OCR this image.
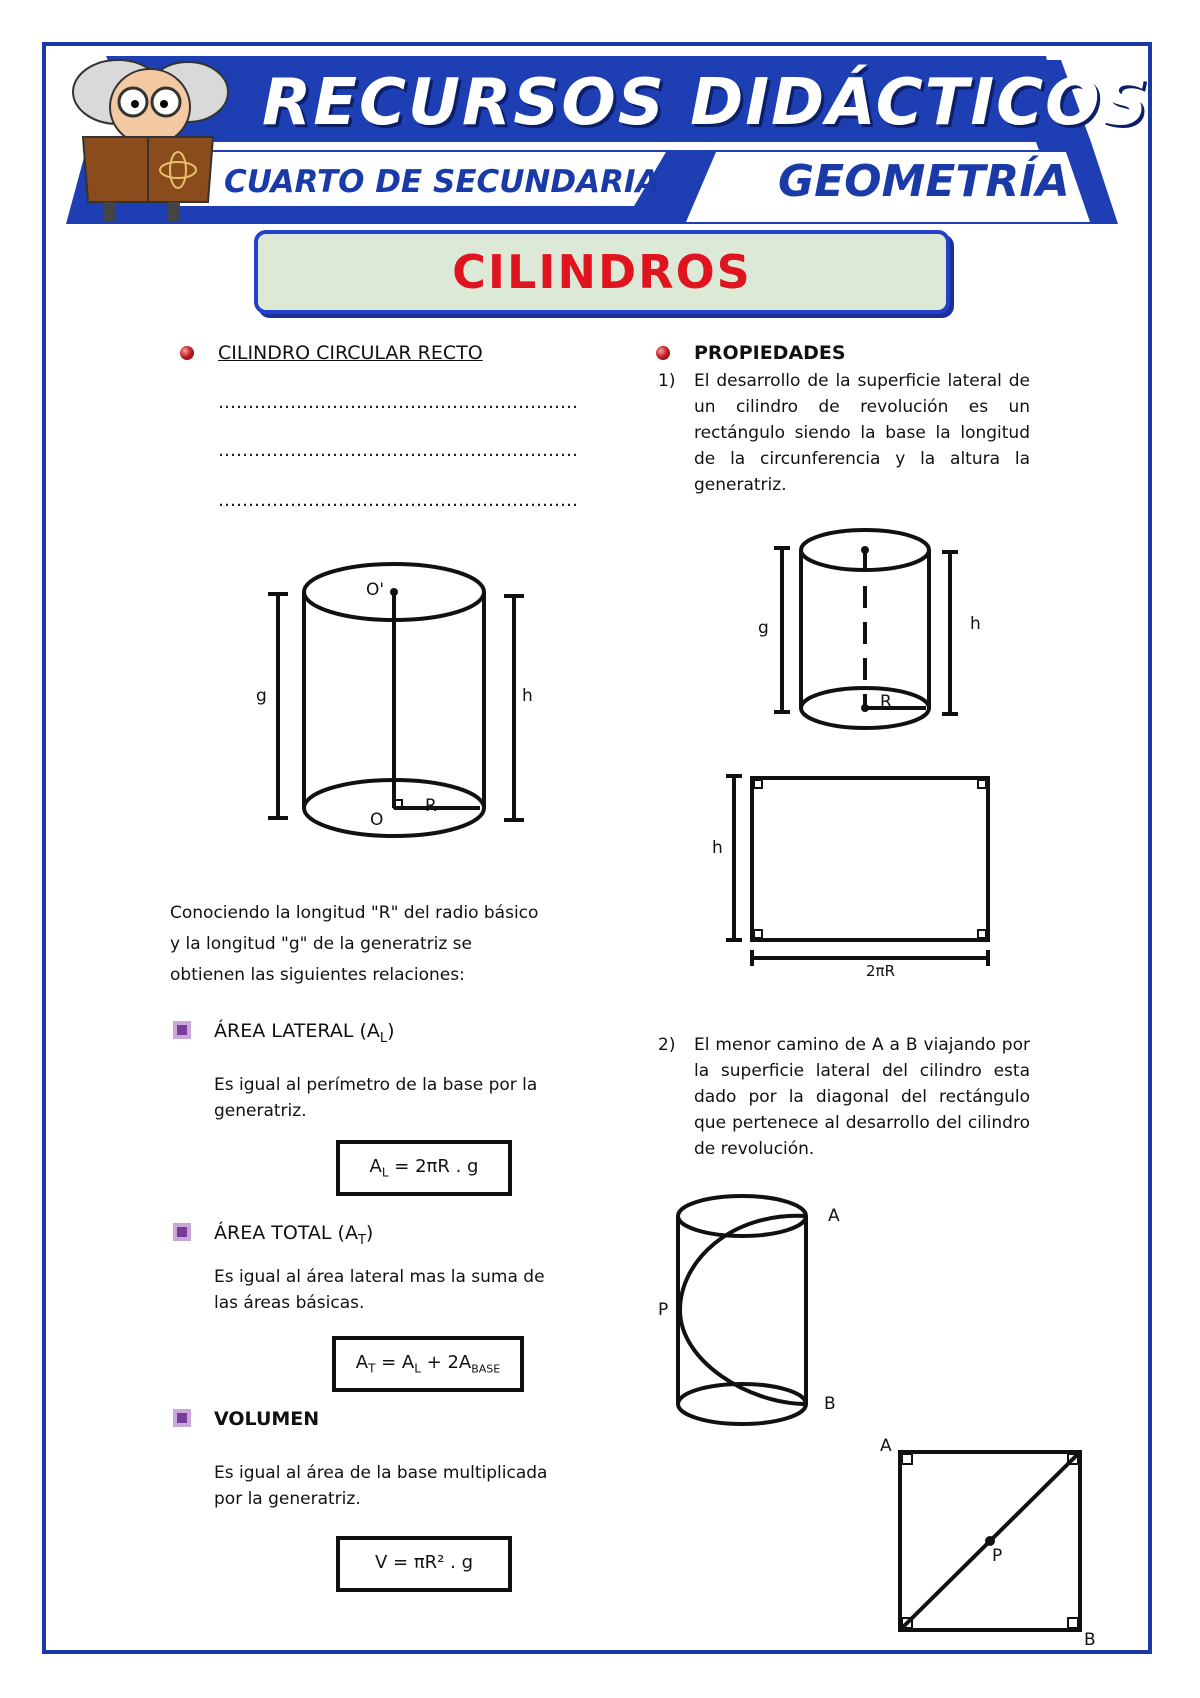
RECURSOS DIDÁCTICOS
CUARTO DE SECUNDARIA	GEOMETRÍA
CILINDROS
CILINDRO CIRCULAR RECTO
……………………………………………………
……………………………………………………
……………………………………………………
O'
O
R
g	h
Conociendo la longitud "R" del radio básico y la longitud "g" de la generatriz se obtienen las siguientes relaciones:
ÁREA LATERAL $(A_L)$
Es igual al perímetro de la base por la generatriz.
$A_L = 2\pi R$ . g
ÁREA TOTAL $(A_T)$
Es igual al área lateral mas la suma de las áreas básicas.
$A_T = A_L + 2A_{BASE}$
VOLUMEN
Es igual al área de la base multiplicada por la generatriz.
V = πR² . g
PROPIEDADES
1) El desarrollo de la superficie lateral de un cilindro de revolución es un rectángulo siendo la base la longitud de la circunferencia y la altura la generatriz.
g	h
R
h
2πR
2) El menor camino de A a B viajando por la superficie lateral del cilindro esta dado por la diagonal del rectángulo que pertenece al desarrollo del cilindro de revolución.
A
P
B
A
P
B
